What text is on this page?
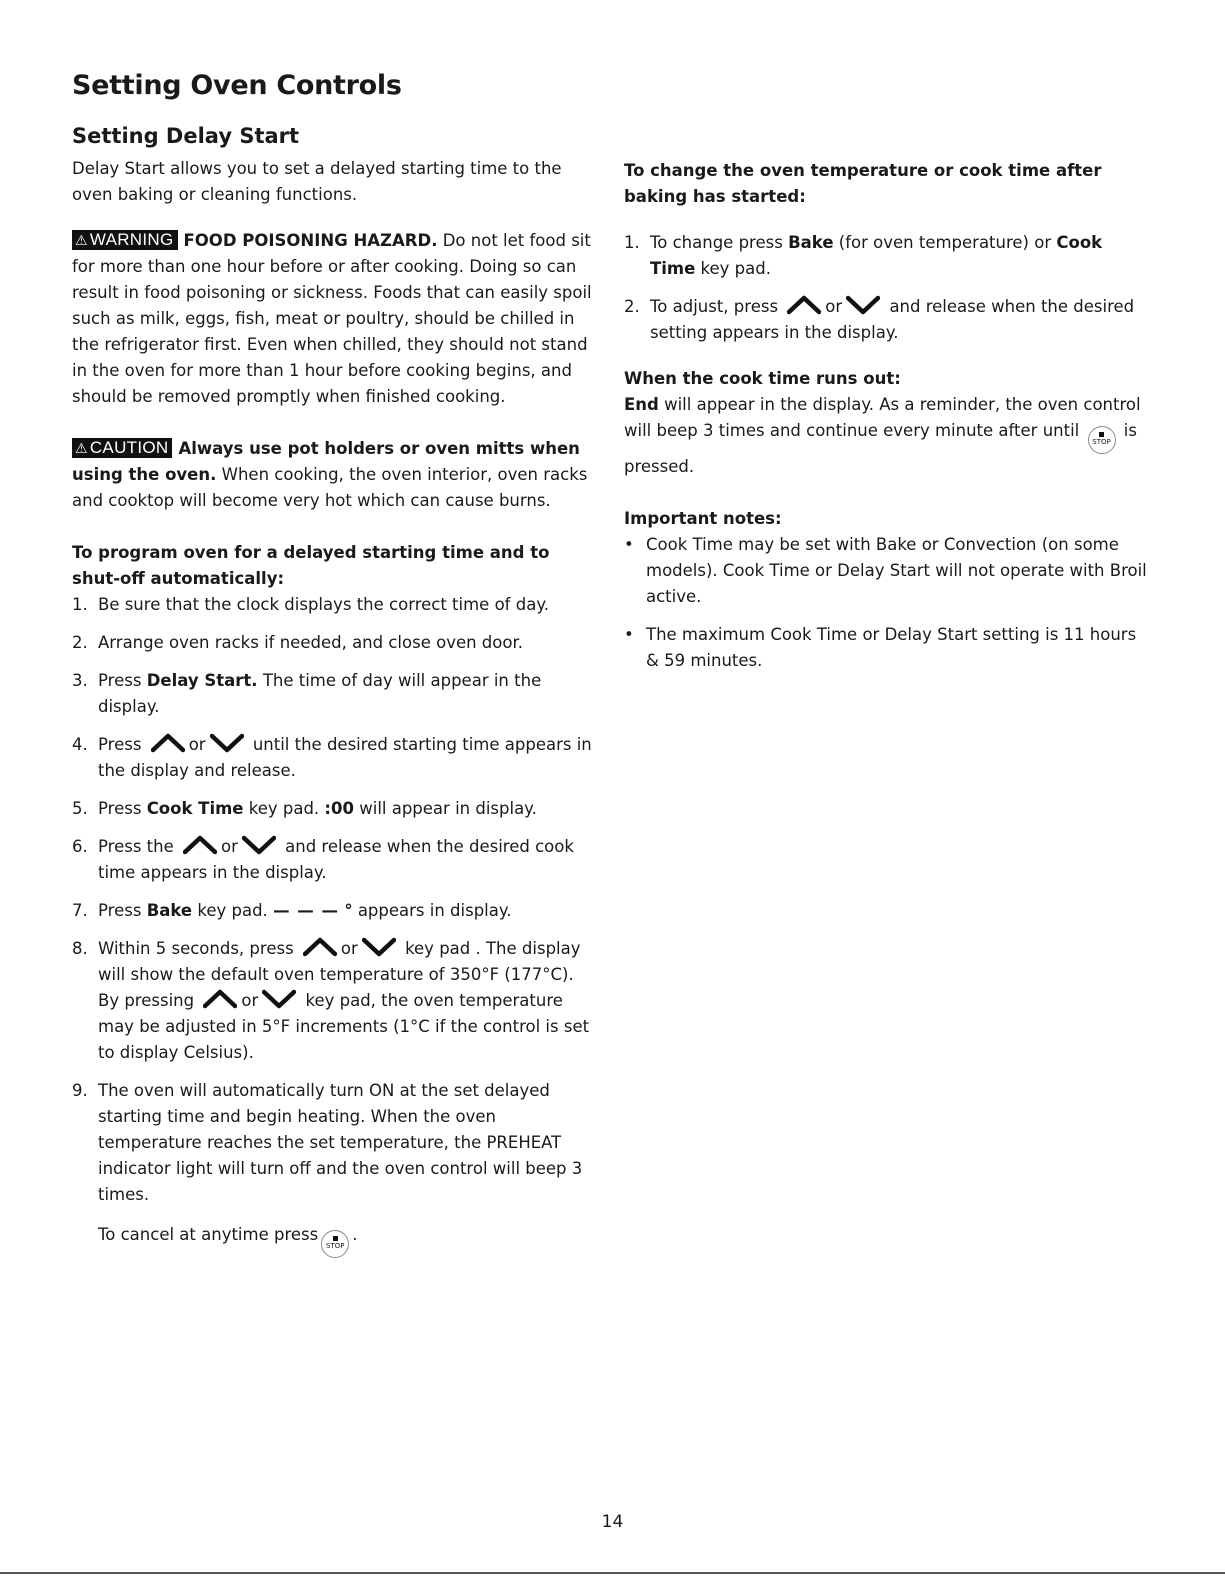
Setting Oven Controls
Setting Delay Start

Delay Start allows you to set a delayed starting time to the oven baking or cleaning functions.

⚠ WARNING FOOD POISONING HAZARD. Do not let food sit for more than one hour before or after cooking. Doing so can result in food poisoning or sickness. Foods that can easily spoil such as milk, eggs, fish, meat or poultry, should be chilled in the refrigerator first. Even when chilled, they should not stand in the oven for more than 1 hour before cooking begins, and should be removed promptly when finished cooking.

⚠ CAUTION Always use pot holders or oven mitts when using the oven. When cooking, the oven interior, oven racks and cooktop will become very hot which can cause burns.

To program oven for a delayed starting time and to shut-off automatically:

1. Be sure that the clock displays the correct time of day.
2. Arrange oven racks if needed, and close oven door.
3. Press Delay Start. The time of day will appear in the display.
4. Press	or	until the desired starting time appears in the display and release.
5. Press Cook Time key pad. :00 will appear in display.
6. Press the	or	and release when the desired cook time appears in the display.
7. Press Bake key pad. — — — ° appears in display.
8. Within 5 seconds, press	or	key pad . The display will show the default oven temperature of 350°F (177°C). By pressing	or	key pad, the oven temperature may be adjusted in 5°F increments (1°C if the control is set to display Celsius).
9. The oven will automatically turn ON at the set delayed starting time and begin heating. When the oven temperature reaches the set temperature, the PREHEAT indicator light will turn off and the oven control will beep 3 times.

To cancel at anytime press
STOP.

To change the oven temperature or cook time after baking has started:

1. To change press Bake (for oven temperature) or Cook Time key pad.
2. To adjust, press	or	and release when the desired setting appears in the display.

When the cook time runs out:

End will appear in the display. As a reminder, the oven control will beep 3 times and continue every minute after until
STOP is pressed.

Important notes:

• Cook Time may be set with Bake or Convection (on some models). Cook Time or Delay Start will not operate with Broil active.
• The maximum Cook Time or Delay Start setting is 11 hours & 59 minutes.
14
